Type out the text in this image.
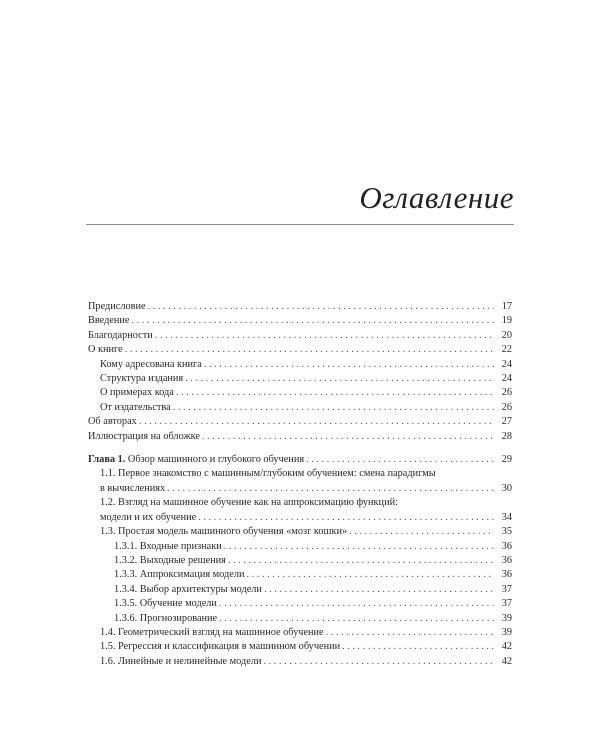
Оглавление
Предисловие . . .	17
Введение . . .	19
Благодарности . . .	20
О книге . . .	22
Кому адресована книга . . .	24
Структура издания . . .	24
О примерах кода . . .	26
От издательства . . .	26
Об авторах . . .	27
Иллюстрация на обложке . . .	28
Глава 1. Обзор машинного и глубокого обучения . . .	29
1.1. Первое знакомство с машинным/глубоким обучением: смена парадигмы
в вычислениях . . .	30
1.2. Взгляд на машинное обучение как на аппроксимацию функций:
модели и их обучение . . .	34
1.3. Простая модель машинного обучения «мозг кошки» . . .	35
1.3.1. Входные признаки . . .	36
1.3.2. Выходные решения . . .	36
1.3.3. Аппроксимация модели . . .	36
1.3.4. Выбор архитектуры модели . . .	37
1.3.5. Обучение модели . . .	37
1.3.6. Прогнозирование . . .	39
1.4. Геометрический взгляд на машинное обучение . . .	39
1.5. Регрессия и классификация в машинном обучении . . .	42
1.6. Линейные и нелинейные модели . . .	42
